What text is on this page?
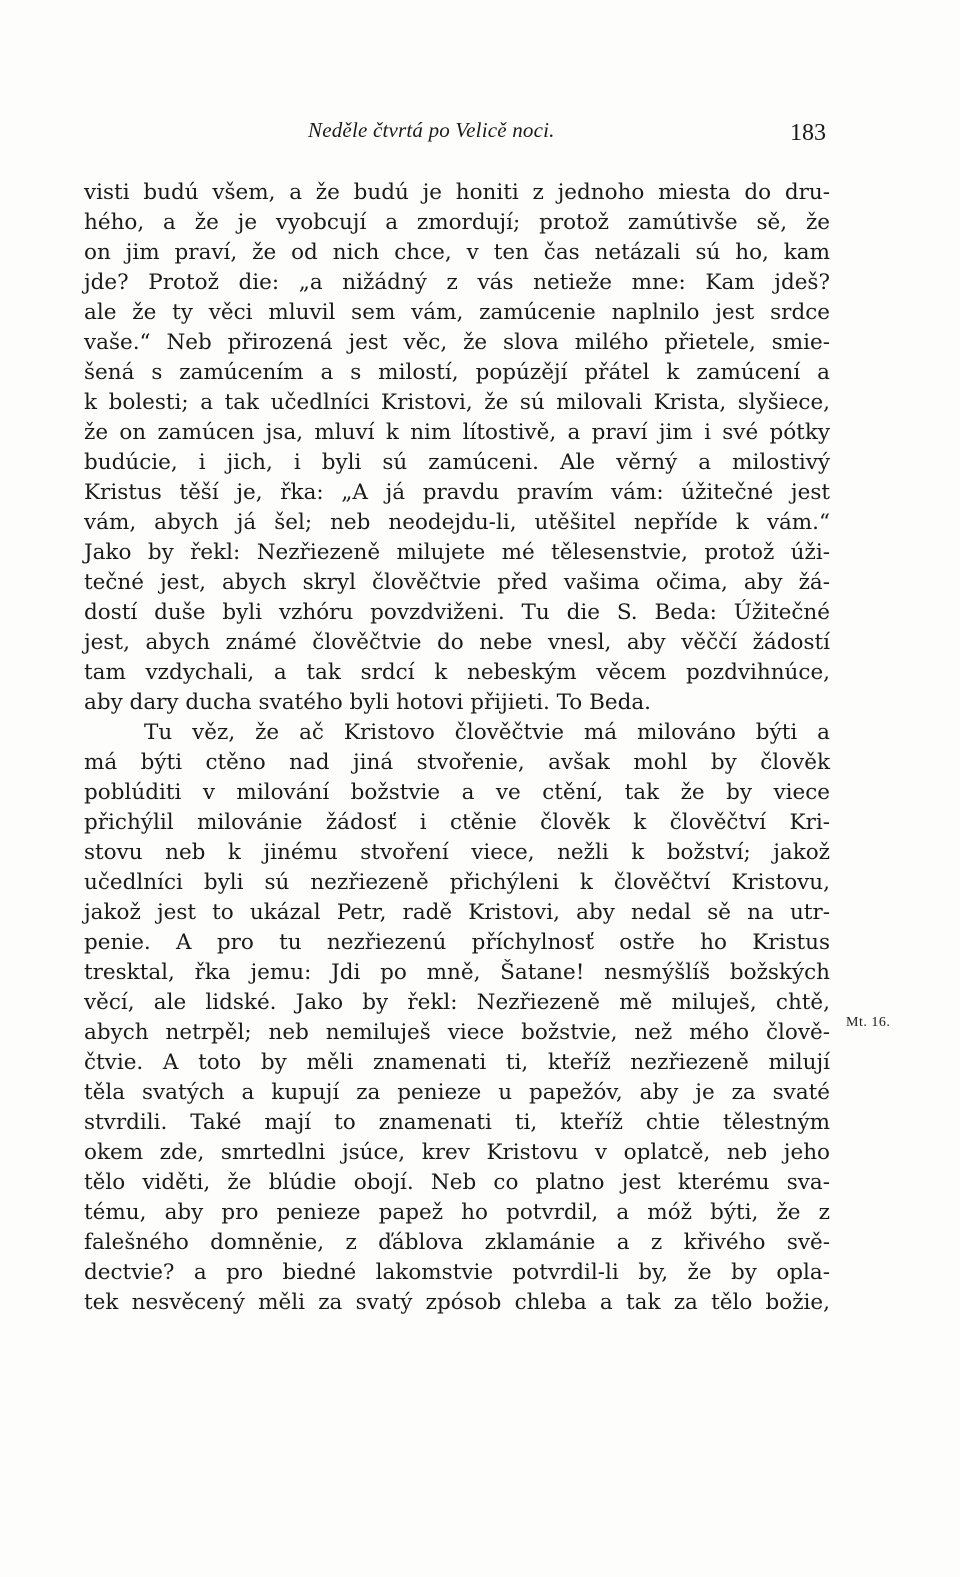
Neděle čtvrtá po Velicě noci.	183
visti budú všem, a že budú je honiti z jednoho miesta do dru-
hého, a že je vyobcují a zmordují; protož zamútivše sě, že
on jim praví, že od nich chce, v ten čas netázali sú ho, kam
jde? Protož die: „a nižádný z vás netieže mne: Kam jdeš?
ale že ty věci mluvil sem vám, zamúcenie naplnilo jest srdce
vaše.“ Neb přirozená jest věc, že slova milého přietele, smie-
šená s zamúcením a s milostí, popúzějí přátel k zamúcení a
k bolesti; a tak učedlníci Kristovi, že sú milovali Krista, slyšiece,
že on zamúcen jsa, mluví k nim lítostivě, a praví jim i své pótky
budúcie, i jich, i byli sú zamúceni. Ale věrný a milostivý
Kristus těší je, řka: „A já pravdu pravím vám: úžitečné jest
vám, abych já šel; neb neodejdu-li, utěšitel nepříde k vám.“
Jako by řekl: Nezřiezeně milujete mé tělesenstvie, protož úži-
tečné jest, abych skryl člověčtvie před vašima očima, aby žá-
dostí duše byli vzhóru povzdviženi. Tu die S. Beda: Úžitečné
jest, abych známé člověčtvie do nebe vnesl, aby věččí žádostí
tam vzdychali, a tak srdcí k nebeským věcem pozdvihnúce,
aby dary ducha svatého byli hotovi přijieti. To Beda.
Tu věz, že ač Kristovo člověčtvie má milováno býti a
má býti ctěno nad jiná stvořenie, avšak mohl by člověk
poblúditi v milování božstvie a ve ctění, tak že by viece
přichýlil milovánie žádosť i ctěnie člověk k člověčtví Kri-
stovu neb k jinému stvoření viece, nežli k božství; jakož
učedlníci byli sú nezřiezeně přichýleni k člověčtví Kristovu,
jakož jest to ukázal Petr, radě Kristovi, aby nedal sě na utr-
penie. A pro tu nezřiezenú příchylnosť ostře ho Kristus
tresktal, řka jemu: Jdi po mně, Šatane! nesmýšlíš božských
věcí, ale lidské. Jako by řekl: Nezřiezeně mě miluješ, chtě,
abych netrpěl; neb nemiluješ viece božstvie, než mého člově-
čtvie. A toto by měli znamenati ti, kteříž nezřiezeně milují
těla svatých a kupují za penieze u papežóv, aby je za svaté
stvrdili. Také mají to znamenati ti, kteříž chtie tělestným
okem zde, smrtedlni jsúce, krev Kristovu v oplatcě, neb jeho
tělo viděti, že blúdie obojí. Neb co platno jest kterému sva-
tému, aby pro penieze papež ho potvrdil, a móž býti, že z
falešného domněnie, z ďáblova zklamánie a z křivého svě-
dectvie? a pro biedné lakomstvie potvrdil-li by, že by opla-
tek nesvěcený měli za svatý zpósob chleba a tak za tělo božie,
Mt. 16.
